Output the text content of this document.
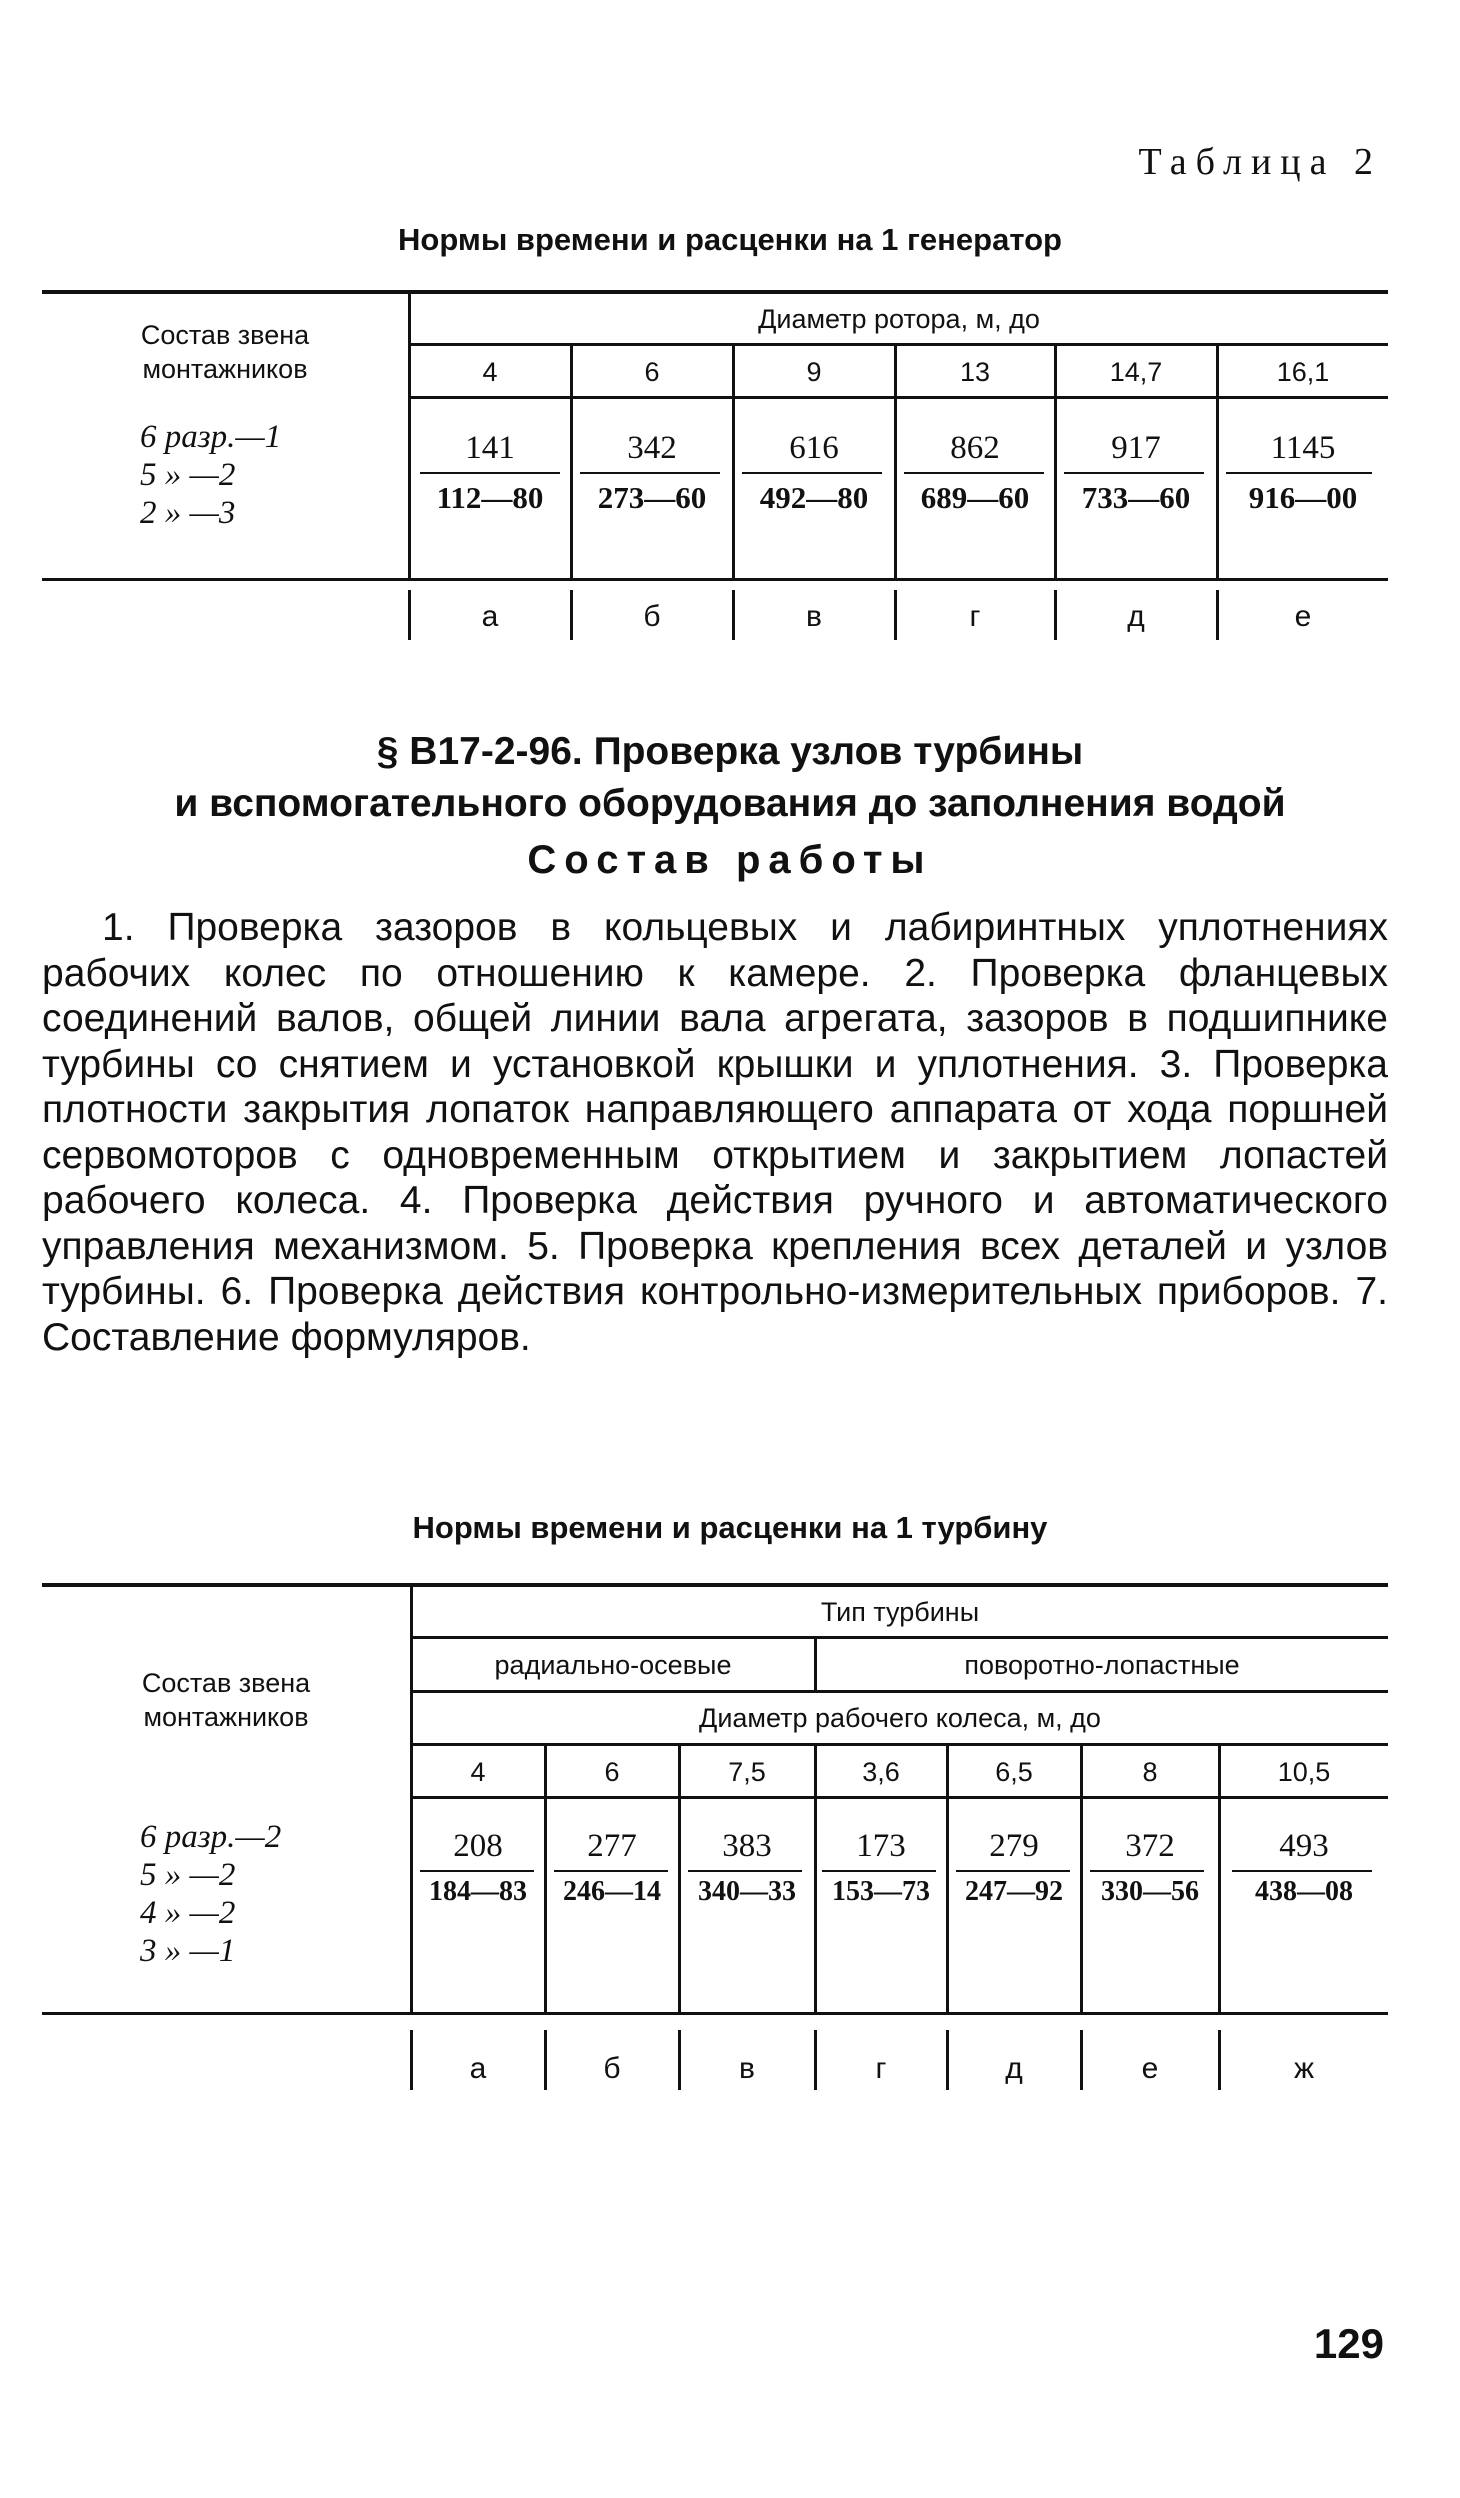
Таблица 2
Нормы времени и расценки на 1 генератор
Состав звена
монтажников
Диаметр ротора, м, до
4	6	9	13	14,7	16,1
6 разр.—1
5 » —2
2 » —3
141	342	616	862	917	1145
112—80	273—60	492—80	689—60	733—60	916—00
а	б	в	г	д	е
§ В17-2-96. Проверка узлов турбины
и вспомогательного оборудования до заполнения водой
Состав работы
1. Проверка зазоров в кольцевых и лабиринтных уплотнениях рабочих колес по отношению к камере. 2. Проверка фланцевых соединений валов, общей линии вала агрегата, зазоров в подшипнике турбины со снятием и установкой крышки и уплотнения. 3. Проверка плотности закрытия лопаток направляющего аппарата от хода поршней сервомоторов с одновременным открытием и закрытием лопастей рабочего колеса. 4. Проверка действия ручного и автоматического управления механизмом. 5. Проверка крепления всех деталей и узлов турбины. 6. Проверка действия контрольно-измерительных приборов. 7. Составление формуляров.
Нормы времени и расценки на 1 турбину
Состав звена
монтажников
Тип турбины
радиально-осевые	поворотно-лопастные
Диаметр рабочего колеса, м, до
4	6	7,5	3,6	6,5	8	10,5
6 разр.—2
5 » —2
4 » —2
3 » —1
208	277	383	173	279	372	493
184—83	246—14	340—33	153—73	247—92	330—56	438—08
а	б	в	г	д	е	ж
129
